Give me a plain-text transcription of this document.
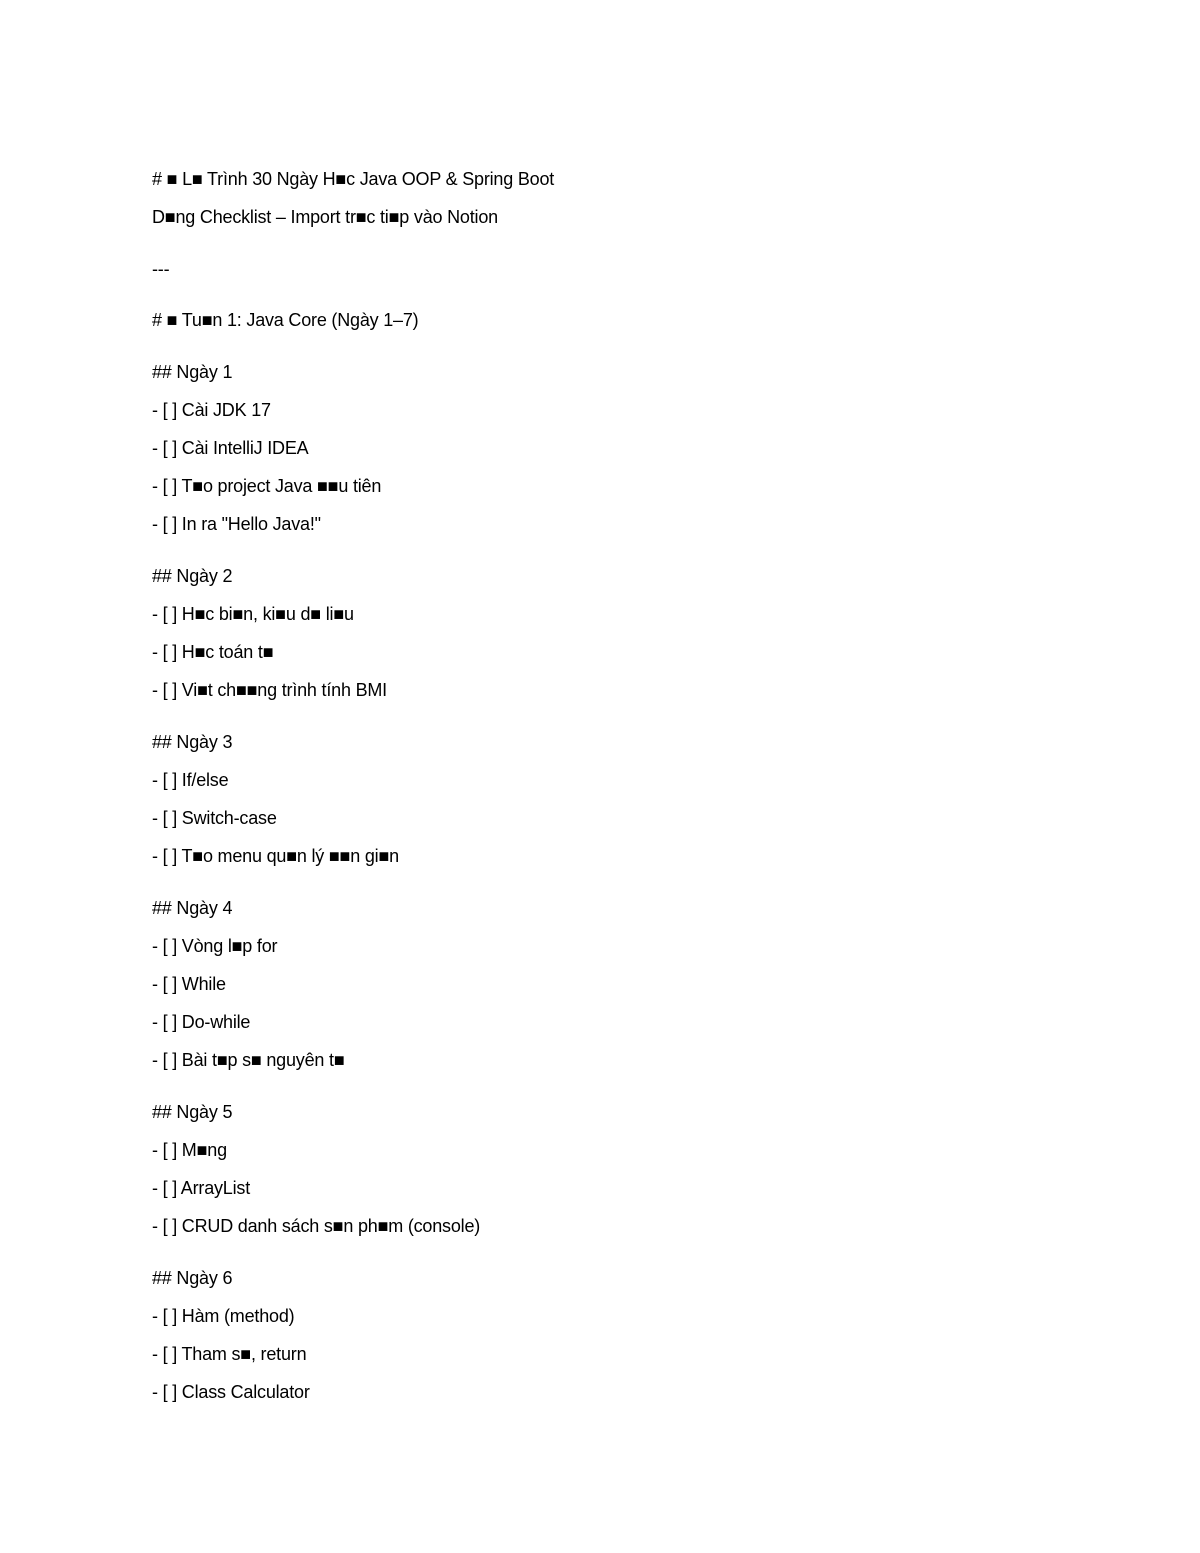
# ■ L■ Trình 30 Ngày H■c Java OOP & Spring Boot
D■ng Checklist – Import tr■c ti■p vào Notion
---
# ■ Tu■n 1: Java Core (Ngày 1–7)
## Ngày 1
- [ ] Cài JDK 17
- [ ] Cài IntelliJ IDEA
- [ ] T■o project Java ■■u tiên
- [ ] In ra "Hello Java!"
## Ngày 2
- [ ] H■c bi■n, ki■u d■ li■u
- [ ] H■c toán t■
- [ ] Vi■t ch■■ng trình tính BMI
## Ngày 3
- [ ] If/else
- [ ] Switch-case
- [ ] T■o menu qu■n lý ■■n gi■n
## Ngày 4
- [ ] Vòng l■p for
- [ ] While
- [ ] Do-while
- [ ] Bài t■p s■ nguyên t■
## Ngày 5
- [ ] M■ng
- [ ] ArrayList
- [ ] CRUD danh sách s■n ph■m (console)
## Ngày 6
- [ ] Hàm (method)
- [ ] Tham s■, return
- [ ] Class Calculator
